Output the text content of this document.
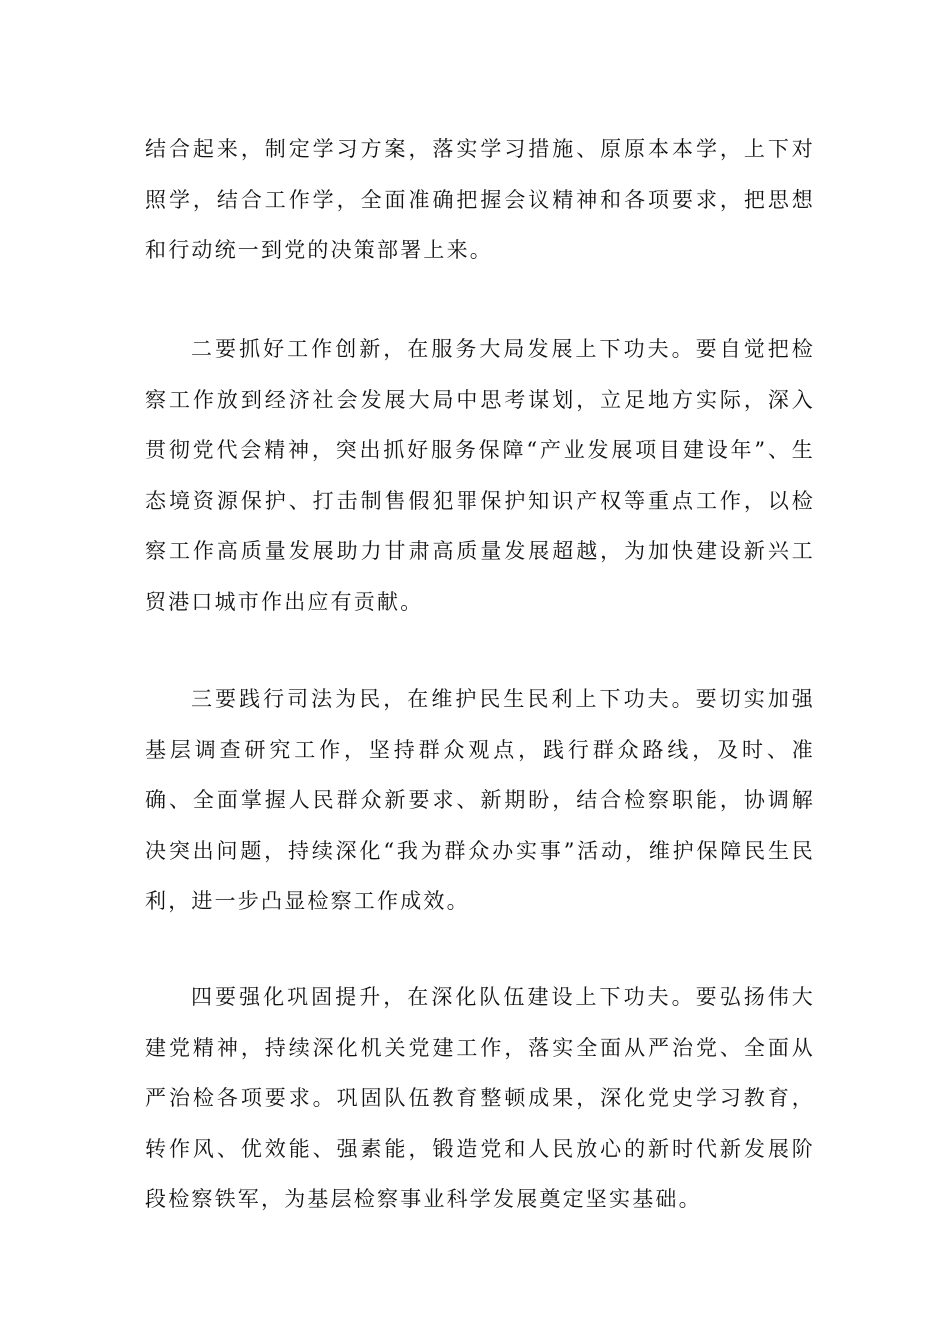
结合起来，制定学习方案，落实学习措施、原原本本学，上下对照学，结合工作学，全面准确把握会议精神和各项要求，把思想和行动统一到党的决策部署上来。

二要抓好工作创新，在服务大局发展上下功夫。要自觉把检察工作放到经济社会发展大局中思考谋划，立足地方实际，深入贯彻党代会精神，突出抓好服务保障“产业发展项目建设年”、生态境资源保护、打击制售假犯罪保护知识产权等重点工作，以检察工作高质量发展助力甘肃高质量发展超越，为加快建设新兴工贸港口城市作出应有贡献。

三要践行司法为民，在维护民生民利上下功夫。要切实加强基层调查研究工作，坚持群众观点，践行群众路线，及时、准确、全面掌握人民群众新要求、新期盼，结合检察职能，协调解决突出问题，持续深化“我为群众办实事”活动，维护保障民生民利，进一步凸显检察工作成效。

四要强化巩固提升，在深化队伍建设上下功夫。要弘扬伟大建党精神，持续深化机关党建工作，落实全面从严治党、全面从严治检各项要求。巩固队伍教育整顿成果，深化党史学习教育，转作风、优效能、强素能，锻造党和人民放心的新时代新发展阶段检察铁军，为基层检察事业科学发展奠定坚实基础。
